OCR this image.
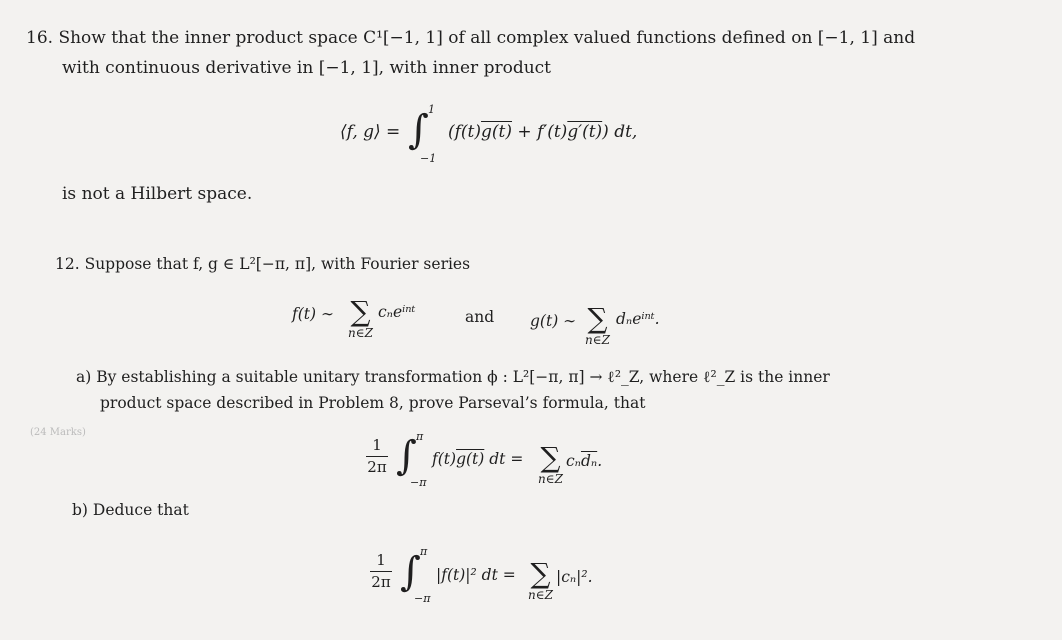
16. Show that the inner product space C¹[−1, 1] of all complex valued functions defined on [−1, 1] and
with continuous derivative in [−1, 1], with inner product
⟨f, g⟩ = ∫ 1
−1
(f(t)g(t) + f′(t)g′(t)) dt,
is not a Hilbert space.
12. Suppose that f, g ∈ L²[−π, π], with Fourier series
f(t) ∼ ∑
n∈Z
cₙeⁱⁿᵗ	and g(t) ∼ ∑
n∈Z
dₙeⁱⁿᵗ.
a) By establishing a suitable unitary transformation ϕ : L²[−π, π] → ℓ²_Z, where ℓ²_Z is the inner
product space described in Problem 8, prove Parseval’s formula, that
(24 Marks)
1
2π ∫ π
−π
f(t)g(t) dt = ∑
n∈Z
$c_n\overline{d_n}$.
b) Deduce that
1
2π ∫ π
−π
|f(t)|² dt = ∑
n∈Z
|cₙ|².
